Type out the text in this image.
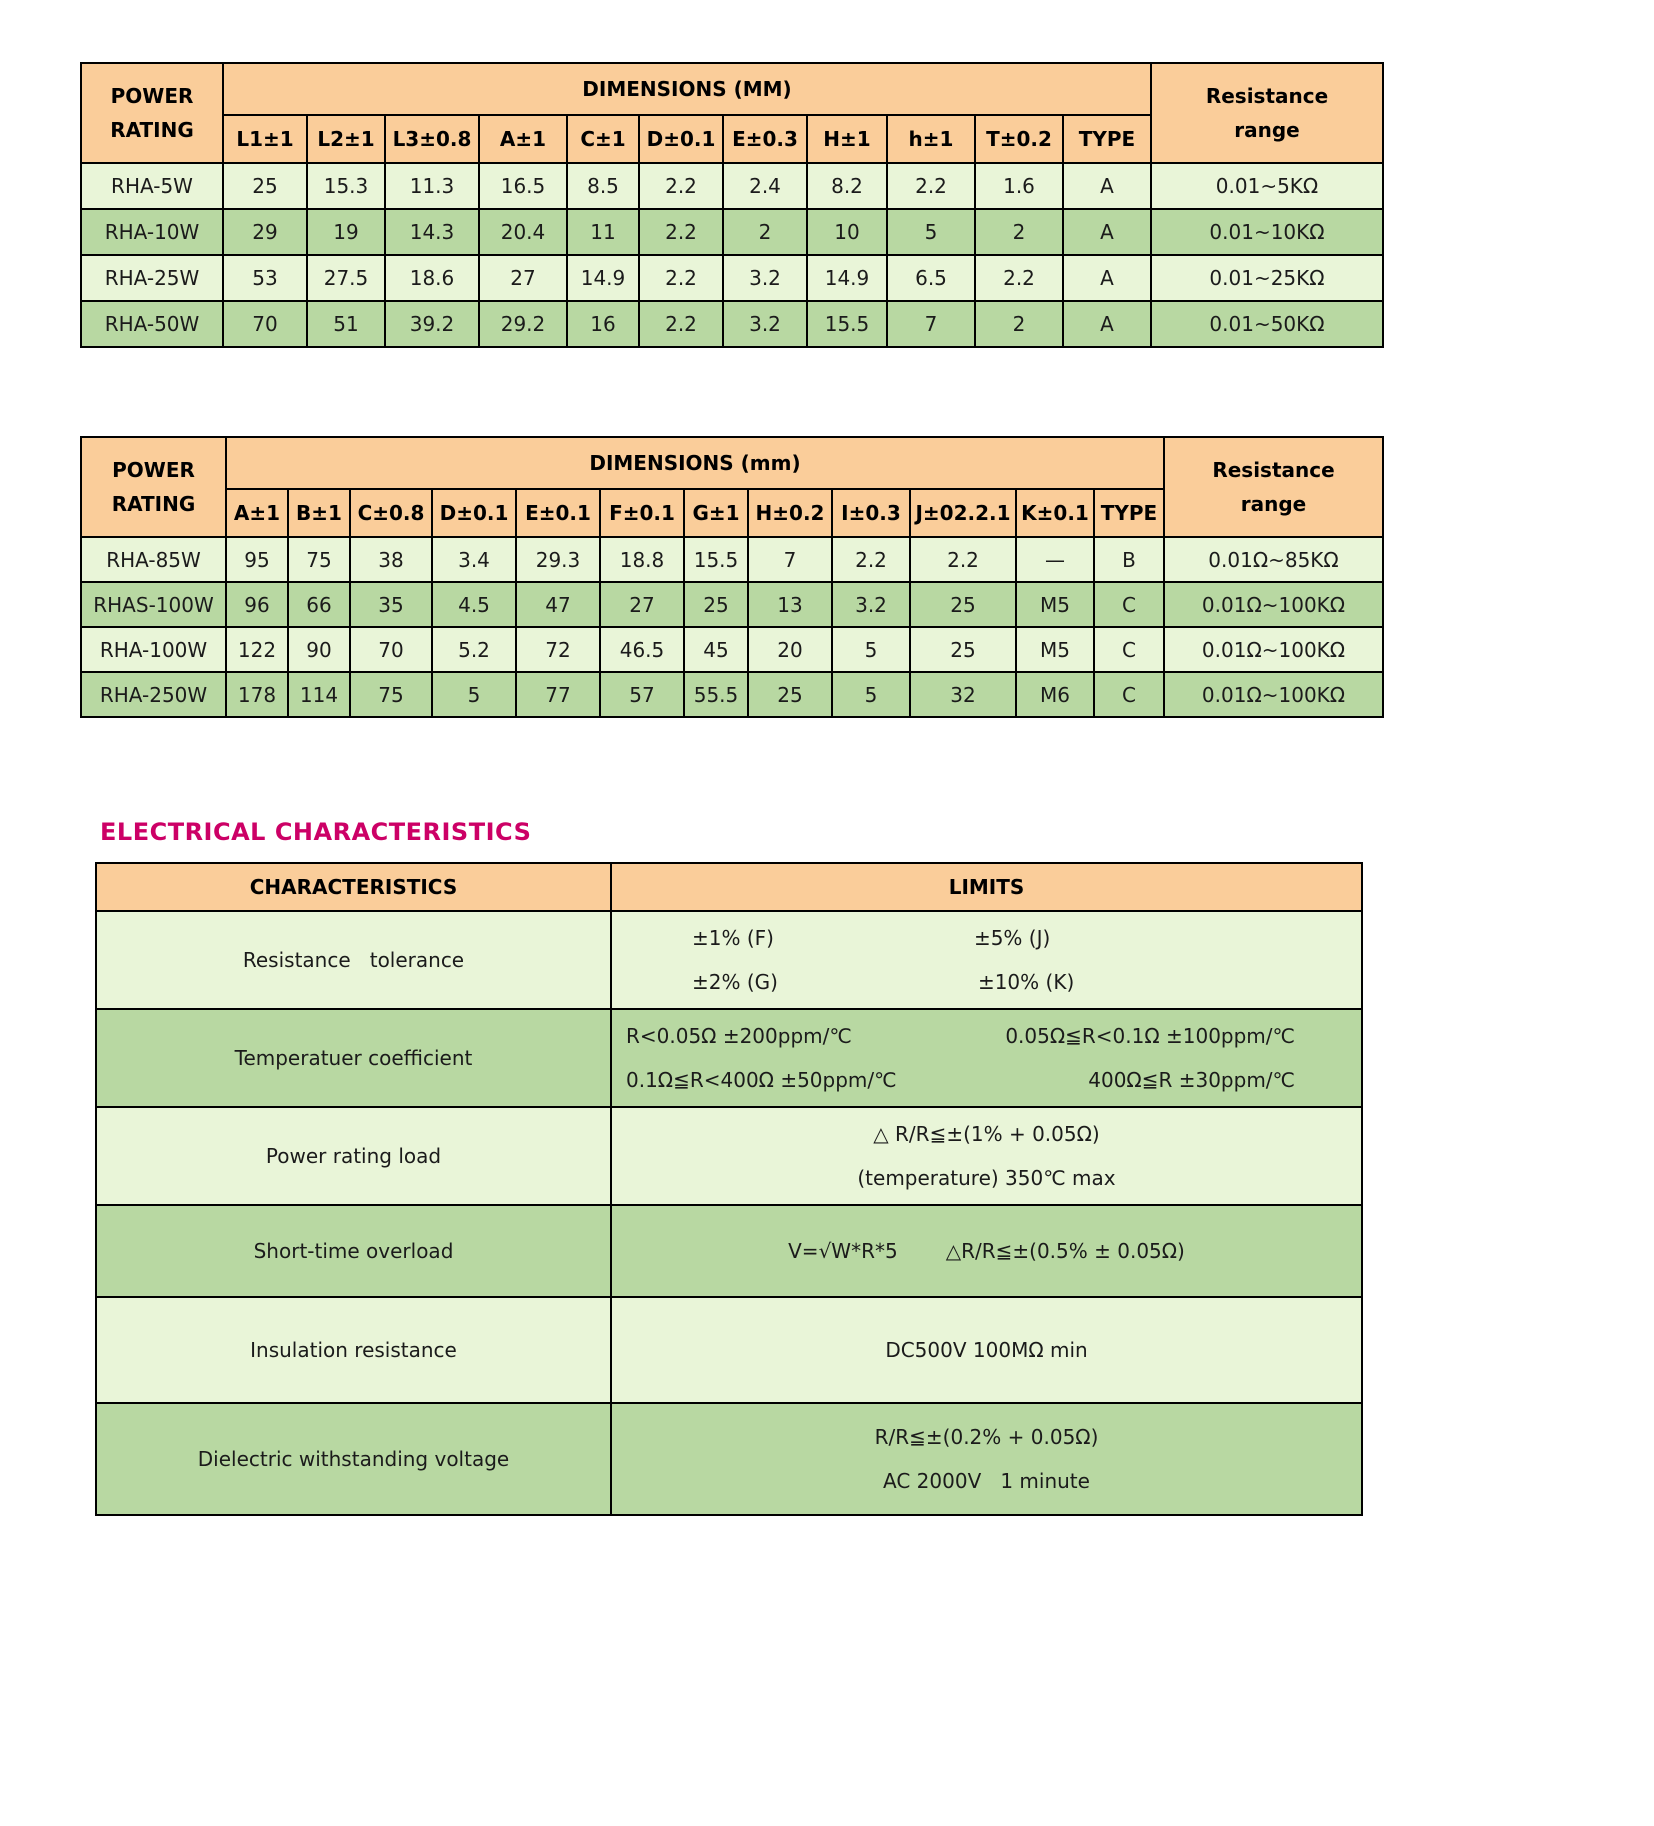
POWER
RATING
	DIMENSIONS (MM)	Resistance
range

	L1±1	L2±1	L3±0.8	A±1	C±1	D±0.1	E±0.3	H±1	h±1	T±0.2	TYPE	
RHA-5W	25	15.3	11.3	16.5	8.5	2.2	2.4	8.2	2.2	1.6	A	0.01~5KΩ
RHA-10W	29	19	14.3	20.4	11	2.2	2	10	5	2	A	0.01~10KΩ
RHA-25W	53	27.5	18.6	27	14.9	2.2	3.2	14.9	6.5	2.2	A	0.01~25KΩ
RHA-50W	70	51	39.2	29.2	16	2.2	3.2	15.5	7	2	A	0.01~50KΩ
POWER
RATING
	DIMENSIONS (mm)	Resistance
range

	A±1	B±1	C±0.8	D±0.1	E±0.1	F±0.1	G±1	H±0.2	I±0.3	J±02.2.1	K±0.1	TYPE	
RHA-85W	95	75	38	3.4	29.3	18.8	15.5	7	2.2	2.2	—	B	0.01Ω~85KΩ
RHAS-100W	96	66	35	4.5	47	27	25	13	3.2	25	M5	C	0.01Ω~100KΩ
RHA-100W	122	90	70	5.2	72	46.5	45	20	5	25	M5	C	0.01Ω~100KΩ
RHA-250W	178	114	75	5	77	57	55.5	25	5	32	M6	C	0.01Ω~100KΩ
ELECTRICAL CHARACTERISTICS
CHARACTERISTICS	LIMITS
Resistance   tolerance	±1% (F) ±5% (J)
±2% (G) ±10% (K)

Temperatuer coefficient	R<0.05Ω ±200ppm/℃ 0.05Ω≦R<0.1Ω ±100ppm/℃
0.1Ω≦R<400Ω ±50ppm/℃ 400Ω≦R ±30ppm/℃

Power rating load	△ R/R≦±(1% + 0.05Ω)
(temperature) 350℃ max

Short-time overload	V=√W*R*5 △R/R≦±(0.5% ± 0.05Ω)

Insulation resistance	DC500V 100MΩ min

Dielectric withstanding voltage	R/R≦±(0.2% + 0.05Ω)
AC 2000V   1 minute
